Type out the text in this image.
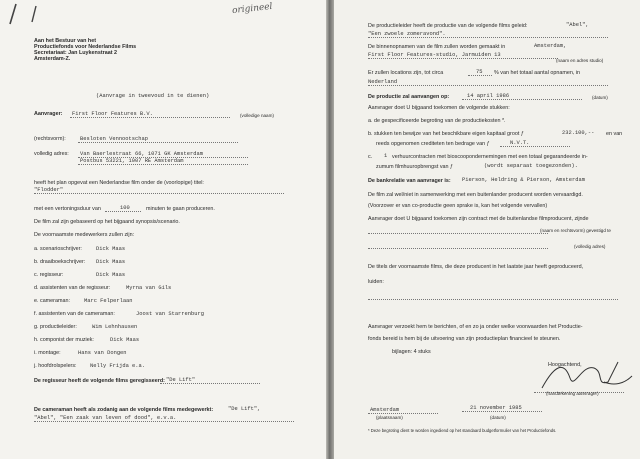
origineel
Aan het Bestuur van het
Productiefonds voor Nederlandse Films
Secretariaat: Jan Luykenstraat 2
Amsterdam-Z.
(Aanvrage in tweevoud in te dienen)
Aanvrager: First Floor Features B.V.	(volledige naam)
(rechtsvorm):	Besloten Vennootschap
volledig adres: Van Baerlestraat 66, 1071 GK Amsterdam
Postbus 53221, 1007 RE Amsterdam
heeft het plan opgevat een Nederlandse film onder de (voorlopige) titel:
"Flodder"
met een vertoningsduur van	100	minuten te gaan produceren.
De film zal zijn gebaseerd op het bijgaand synopsis/scenario.
De voornaamste medewerkers zullen zijn:
a. scenarioschrijver:	Dick Maas
b. draaiboekschrijver: Dick Maas
c. regisseur:	Dick Maas
d. assistenten van de regisseur:	Myrna van Gils
e. cameraman:	Marc Felperlaan
f. assistenten van de cameraman:	Joost van Starrenburg
g. productieleider:	Wim Lehnhausen
h. componist der muziek:	Dick Maas
i. montage:	Hans van Dongen
j. hoofdrolspelers: Nelly Frijda e.a.
De regisseur heeft de volgende films geregisseerd: "De Lift"
De cameraman heeft als zodanig aan de volgende films medegewerkt:	"De Lift",
"Abel", "Een zaak van leven of dood", e.v.a.
De productieleider heeft de productie van de volgende films geleid:	"Abel",
"Een zwoele zomeravond".
De binnenopnamen van de film zullen worden gemaakt in	Amsterdam,
First Floor Features-studio, Jarmuiden 13
(naam en adres studio)
Er zullen locations zijn, tot circa	75 % van het totaal aantal opnamen, in
Nederland
De productie zal aanvangen op:	14 april 1986	(datum)
Aanvrager doet U bijgaand toekomen de volgende stukken:
a. de gespecificeerde begroting van de productiekosten *.
b. stukken ten bewijze van het beschikbare eigen kapitaal groot ƒ	232.100,-- en van
reeds opgenomen crediteten ten bedrage van ƒ	N.V.T.
c. 1 verhuurcontracten met bioscoopondernemingen met een totaal gegarandeerde in-
zumum filmhuuropbrengst van ƒ	(wordt separaat toegezonden).
De bankrelatie van aanvrager is: Pierson, Heldring & Pierson, Amsterdam
De film zal wel/niet in samenwerking met een buitenlander producent worden vervaardigd.
(Voorzover er van co-productie geen sprake is, kan het volgende vervallen)
Aanvrager doet U bijgaand toekomen zijn contract met de buitenlandse filmproducent, zijnde
(naam en rechtsvorm) gevestigd te
(volledig adres)
De titels der voornaamste films, die deze producent in het laatste jaar heeft geproduceerd,
luiden:
Aanvrager verzoekt hem te berichten, of en zo ja onder welke voorwaarden het Productie-
fonds bereid is hem bij de uitvoering van zijn productieplan financieel te steunen.
bijlagen: 4 stuks
Hoogachtend,
(handtekening aanvrager)
Amsterdam
(plaatsnaam)
21 november 1985
(datum)
* Deze begroting dient te worden ingediend op het standaard budgetformulier van het Productiefonds.
